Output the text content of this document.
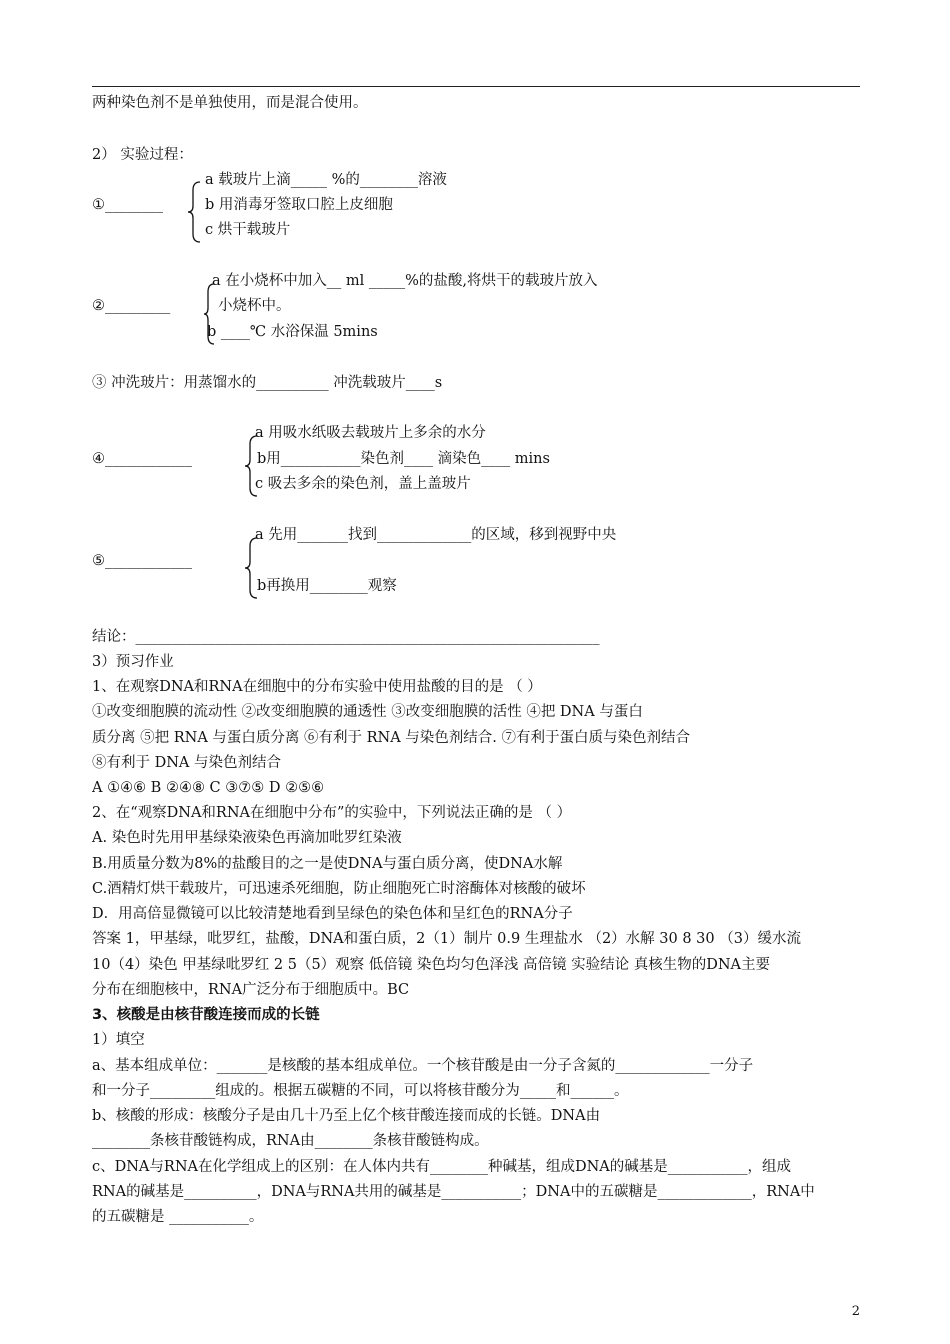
两种染色剂不是单独使用，而是混合使用。
2） 实验过程：
a 载玻片上滴_____ %的________溶液
①________	b 用消毒牙签取口腔上皮细胞
c 烘干载玻片
a 在小烧杯中加入__ ml _____%的盐酸,将烘干的载玻片放入
②_________	小烧杯中。
b ____℃ 水浴保温 5mins
③ 冲洗玻片：用蒸馏水的__________ 冲洗载玻片____s
a 用吸水纸吸去载玻片上多余的水分
④____________	b用___________染色剂____ 滴染色____ mins
c 吸去多余的染色剂，盖上盖玻片
a 先用_______找到_____________的区域，移到视野中央
⑤____________
b再换用________观察
结论：________________________________________________________________
3）预习作业
1、在观察DNA和RNA在细胞中的分布实验中使用盐酸的目的是 （ ）
①改变细胞膜的流动性 ②改变细胞膜的通透性 ③改变细胞膜的活性 ④把 DNA 与蛋白
质分离 ⑤把 RNA 与蛋白质分离 ⑥有利于 RNA 与染色剂结合. ⑦有利于蛋白质与染色剂结合
⑧有利于 DNA 与染色剂结合
A ①④⑥ B ②④⑧ C ③⑦⑤ D ②⑤⑥
2、在“观察DNA和RNA在细胞中分布”的实验中，下列说法正确的是 （ ）
A. 染色时先用甲基绿染液染色再滴加吡罗红染液
B.用质量分数为8%的盐酸目的之一是使DNA与蛋白质分离，使DNA水解
C.酒精灯烘干载玻片，可迅速杀死细胞，防止细胞死亡时溶酶体对核酸的破坏
D．用高倍显微镜可以比较清楚地看到呈绿色的染色体和呈红色的RNA分子
答案 1，甲基绿，吡罗红，盐酸，DNA和蛋白质，2（1）制片 0.9 生理盐水 （2）水解 30 8 30 （3）缓水流
10（4）染色 甲基绿吡罗红 2 5（5）观察 低倍镜 染色均匀色泽浅 高倍镜 实验结论 真核生物的DNA主要
分布在细胞核中，RNA广泛分布于细胞质中。BC
3、核酸是由核苷酸连接而成的长链
1）填空
a、基本组成单位：_______是核酸的基本组成单位。一个核苷酸是由一分子含氮的_____________一分子
和一分子_________组成的。根据五碳糖的不同，可以将核苷酸分为_____和______。
b、核酸的形成：核酸分子是由几十乃至上亿个核苷酸连接而成的长链。DNA由
________条核苷酸链构成，RNA由________条核苷酸链构成。
c、DNA与RNA在化学组成上的区别：在人体内共有________种碱基，组成DNA的碱基是___________，组成
RNA的碱基是__________，DNA与RNA共用的碱基是___________；DNA中的五碳糖是_____________，RNA中
的五碳糖是 ___________。
2
